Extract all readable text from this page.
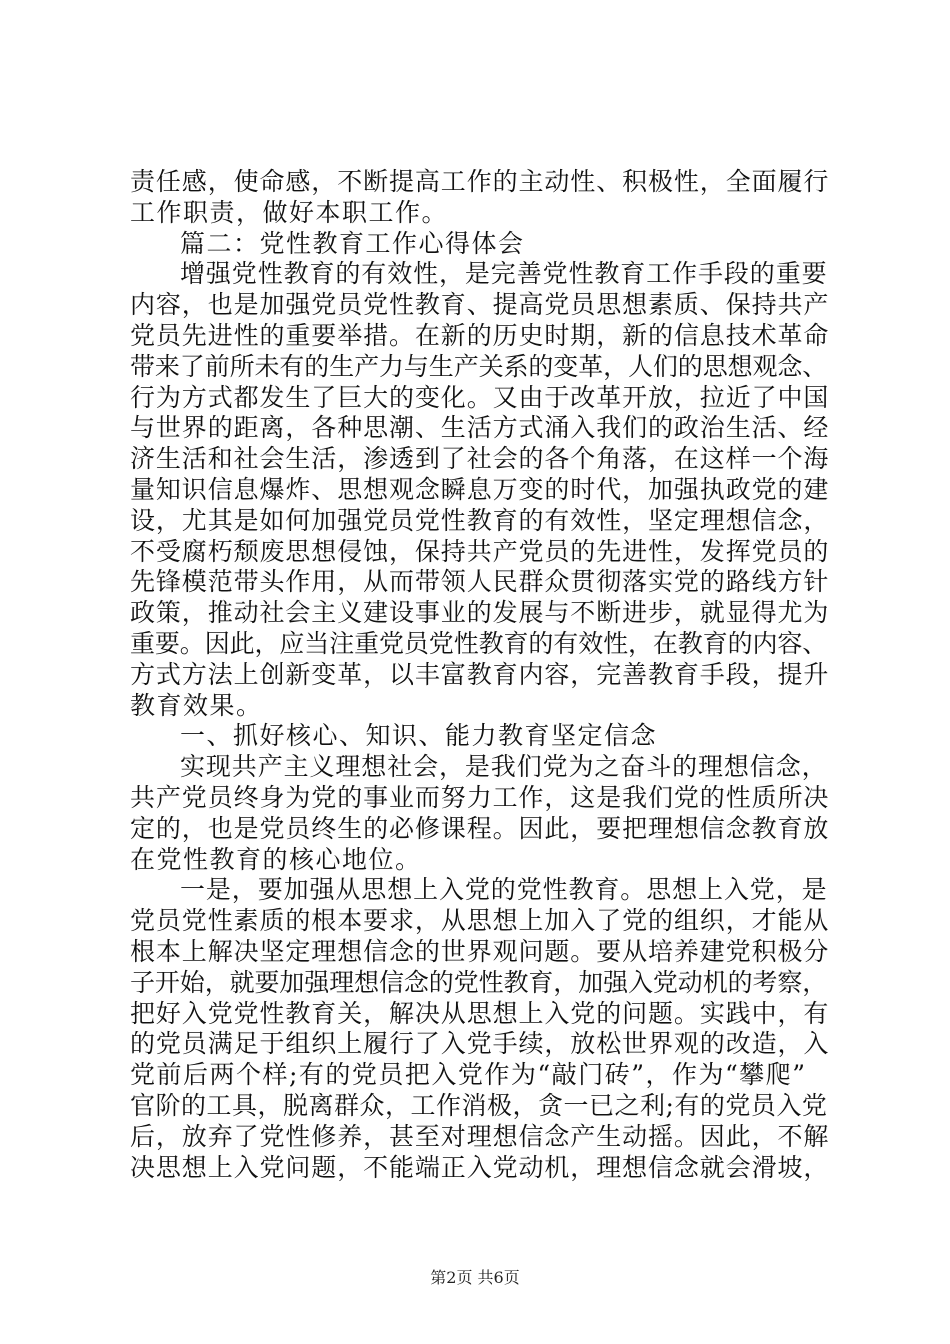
责任感，使命感，不断提高工作的主动性、积极性，全面履行
工作职责，做好本职工作。
篇二：党性教育工作心得体会
增强党性教育的有效性，是完善党性教育工作手段的重要
内容，也是加强党员党性教育、提高党员思想素质、保持共产
党员先进性的重要举措。在新的历史时期，新的信息技术革命
带来了前所未有的生产力与生产关系的变革，人们的思想观念、
行为方式都发生了巨大的变化。又由于改革开放，拉近了中国
与世界的距离，各种思潮、生活方式涌入我们的政治生活、经
济生活和社会生活，渗透到了社会的各个角落，在这样一个海
量知识信息爆炸、思想观念瞬息万变的时代，加强执政党的建
设，尤其是如何加强党员党性教育的有效性，坚定理想信念，
不受腐朽颓废思想侵蚀，保持共产党员的先进性，发挥党员的
先锋模范带头作用，从而带领人民群众贯彻落实党的路线方针
政策，推动社会主义建设事业的发展与不断进步，就显得尤为
重要。因此，应当注重党员党性教育的有效性，在教育的内容、
方式方法上创新变革，以丰富教育内容，完善教育手段，提升
教育效果。
一、抓好核心、知识、能力教育坚定信念
实现共产主义理想社会，是我们党为之奋斗的理想信念，
共产党员终身为党的事业而努力工作，这是我们党的性质所决
定的，也是党员终生的必修课程。因此，要把理想信念教育放
在党性教育的核心地位。
一是，要加强从思想上入党的党性教育。思想上入党，是
党员党性素质的根本要求，从思想上加入了党的组织，才能从
根本上解决坚定理想信念的世界观问题。要从培养建党积极分
子开始，就要加强理想信念的党性教育，加强入党动机的考察，
把好入党党性教育关，解决从思想上入党的问题。实践中，有
的党员满足于组织上履行了入党手续，放松世界观的改造，入
党前后两个样;有的党员把入党作为“敲门砖”，作为“攀爬”
官阶的工具，脱离群众，工作消极，贪一已之利;有的党员入党
后，放弃了党性修养，甚至对理想信念产生动摇。因此，不解
决思想上入党问题，不能端正入党动机，理想信念就会滑坡，
第2页 共6页
